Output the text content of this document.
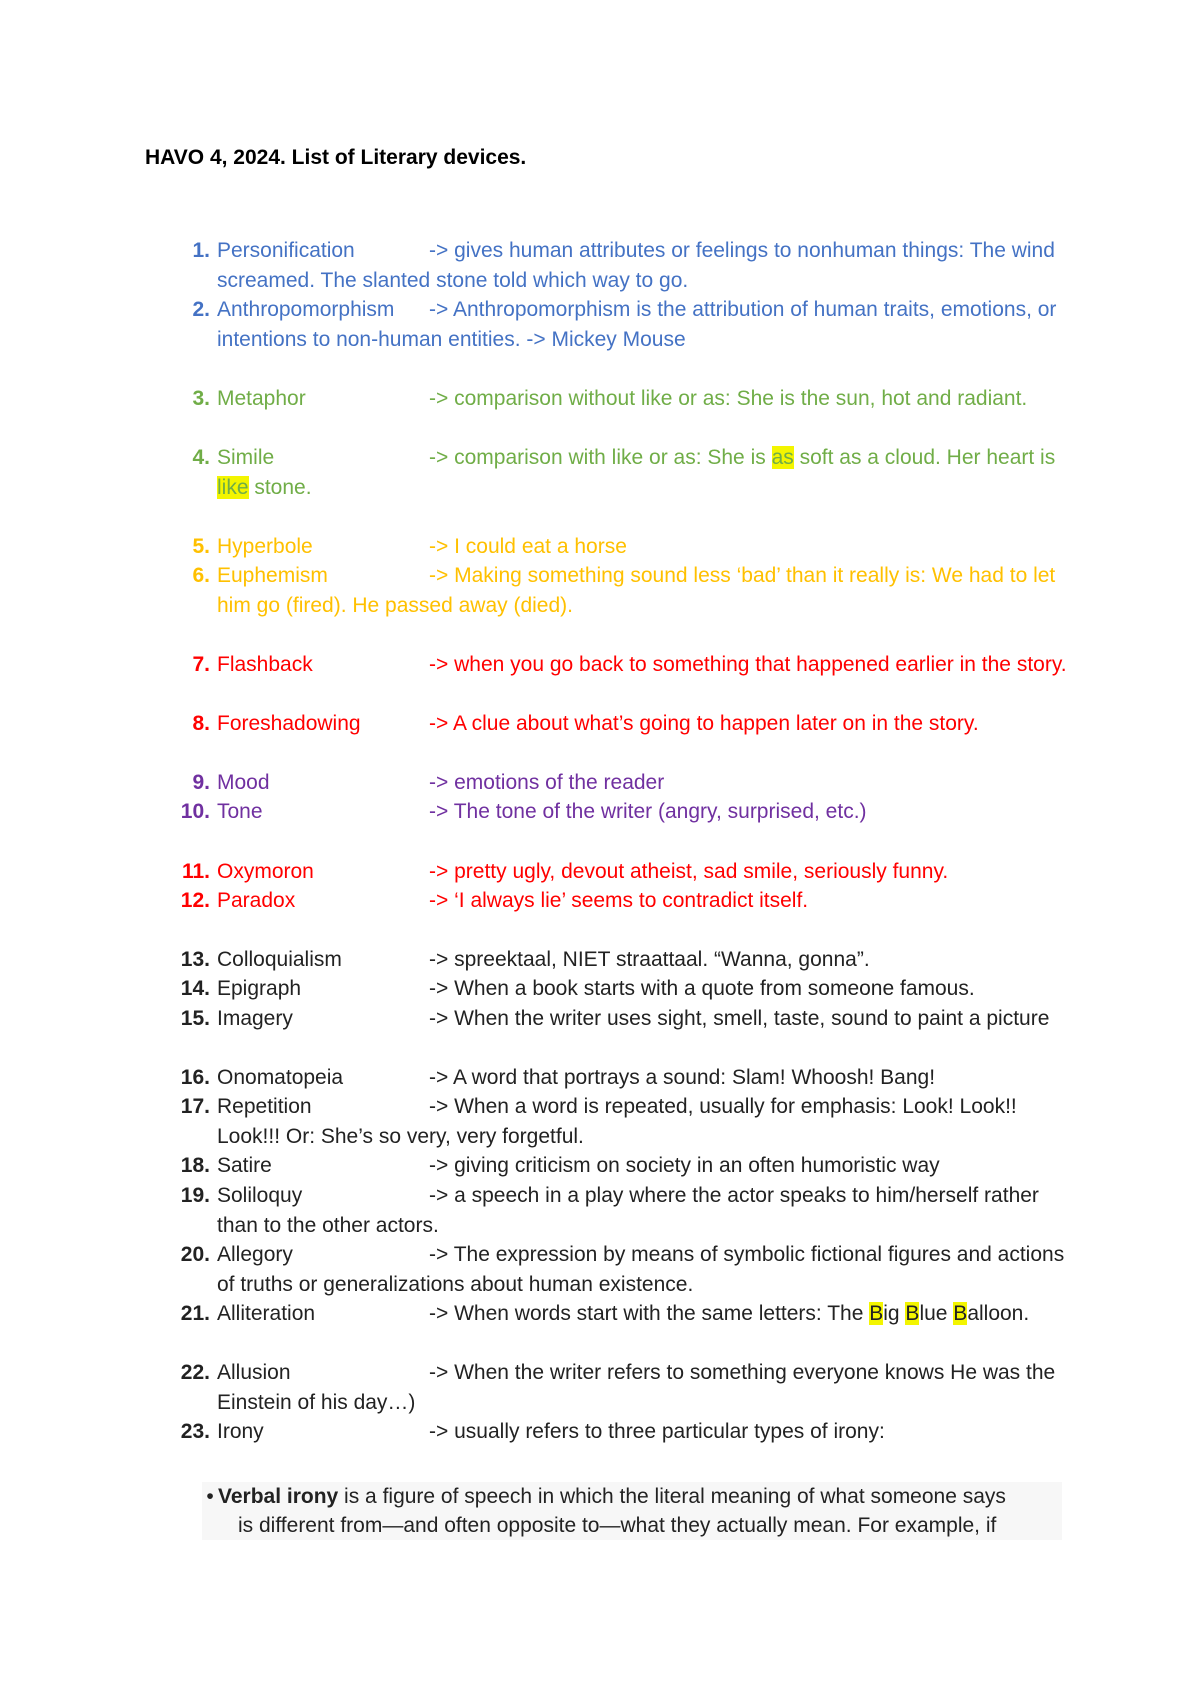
HAVO 4, 2024. List of Literary devices.
1. Personification	-> gives human attributes or feelings to nonhuman things: The wind screamed. The slanted stone told which way to go.
2. Anthropomorphism -> Anthropomorphism is the attribution of human traits, emotions, or intentions to non-human entities. -> Mickey Mouse
3. Metaphor	-> comparison without like or as: She is the sun, hot and radiant.
4. Simile	-> comparison with like or as: She is as soft as a cloud. Her heart is like stone.
5. Hyperbole	-> I could eat a horse
6. Euphemism	-> Making something sound less ‘bad’ than it really is: We had to let him go (fired). He passed away (died).
7. Flashback	-> when you go back to something that happened earlier in the story.
8. Foreshadowing	-> A clue about what’s going to happen later on in the story.
9. Mood	-> emotions of the reader
10. Tone	-> The tone of the writer (angry, surprised, etc.)
11. Oxymoron	-> pretty ugly, devout atheist, sad smile, seriously funny.
12. Paradox	-> ‘I always lie’ seems to contradict itself.
13. Colloquialism	-> spreektaal, NIET straattaal. “Wanna, gonna”.
14. Epigraph	-> When a book starts with a quote from someone famous.
15. Imagery	-> When the writer uses sight, smell, taste, sound to paint a picture
16. Onomatopeia	-> A word that portrays a sound: Slam! Whoosh! Bang!
17. Repetition	-> When a word is repeated, usually for emphasis: Look! Look!! Look!!! Or: She’s so very, very forgetful.
18. Satire	-> giving criticism on society in an often humoristic way
19. Soliloquy	-> a speech in a play where the actor speaks to him/herself rather than to the other actors.
20. Allegory	-> The expression by means of symbolic fictional figures and actions of truths or generalizations about human existence.
21. Alliteration	-> When words start with the same letters: The Big Blue Balloon.
22. Allusion	-> When the writer refers to something everyone knows He was the Einstein of his day…)
23. Irony	-> usually refers to three particular types of irony:
• Verbal irony is a figure of speech in which the literal meaning of what someone says
is different from—and often opposite to—what they actually mean. For example, if
